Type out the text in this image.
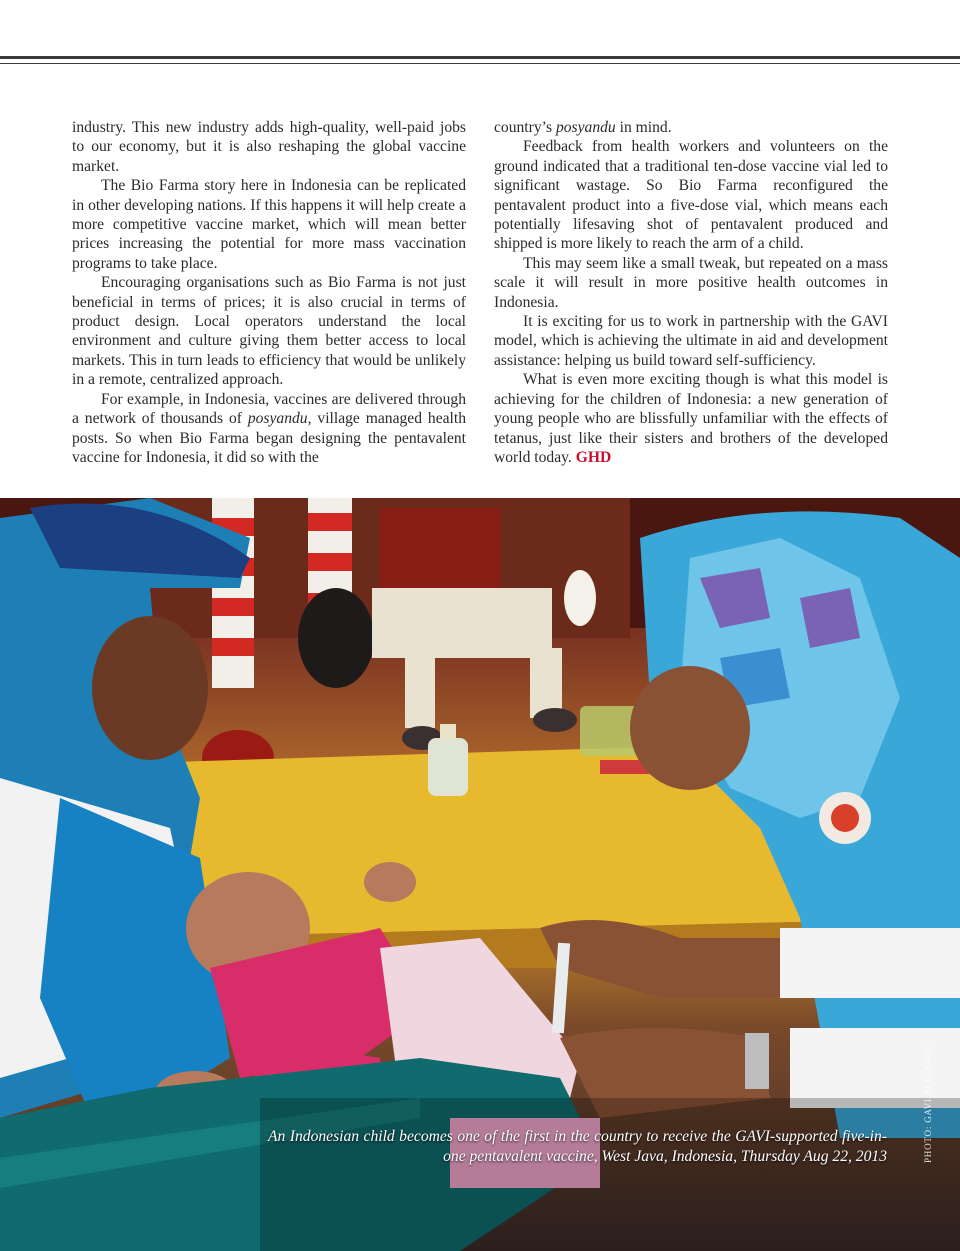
industry. This new industry adds high-quality, well-paid jobs to our economy, but it is also reshaping the global vaccine market.

The Bio Farma story here in Indonesia can be replicated in other developing nations. If this happens it will help create a more competitive vaccine market, which will mean better prices increasing the potential for more mass vaccination programs to take place.

Encouraging organisations such as Bio Farma is not just beneficial in terms of prices; it is also crucial in terms of product design. Local operators understand the local environment and culture giving them better access to local markets. This in turn leads to efficiency that would be unlikely in a remote, centralized approach.

For example, in Indonesia, vaccines are delivered through a network of thousands of posyandu, village managed health posts. So when Bio Farma began designing the pentavalent vaccine for Indonesia, it did so with the

country’s posyandu in mind.

Feedback from health workers and volunteers on the ground indicated that a traditional ten-dose vaccine vial led to significant wastage. So Bio Farma reconfigured the pentavalent product into a five-dose vial, which means each potentially lifesaving shot of pentavalent produced and shipped is more likely to reach the arm of a child.

This may seem like a small tweak, but repeated on a mass scale it will result in more positive health outcomes in Indonesia.

It is exciting for us to work in partnership with the GAVI model, which is achieving the ultimate in aid and development assistance: helping us build toward self-sufficiency.

What is even more exciting though is what this model is achieving for the children of Indonesia: a new generation of young people who are blissfully unfamiliar with the effects of tetanus, just like their sisters and brothers of the developed world today. GHD

An Indonesian child becomes one of the first in the country to receive the GAVI-supported five-in-one pentavalent vaccine, West Java, Indonesia, Thursday Aug 22, 2013	PHOTO: GAVI ALLIANCE
